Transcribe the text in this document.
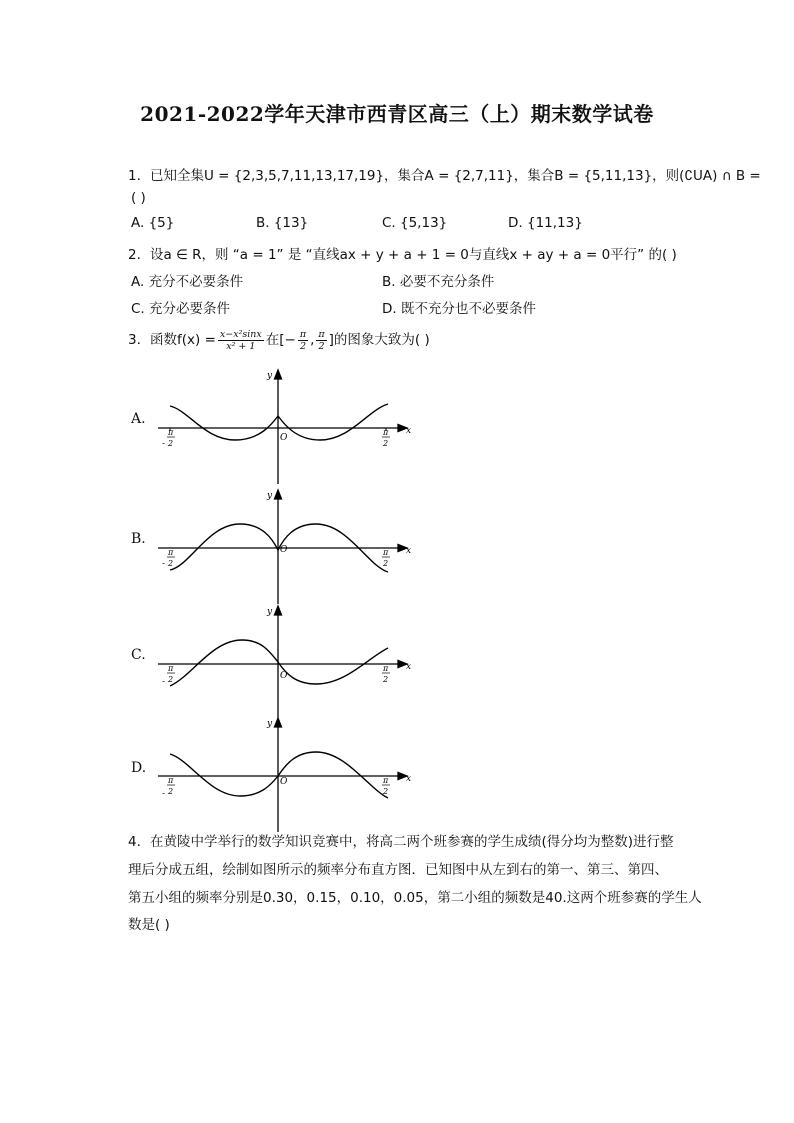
2021-2022学年天津市西青区高三（上）期末数学试卷
1. 已知全集U = {2,3,5,7,11,13,17,19}，集合A = {2,7,11}，集合B = {5,11,13}，则(∁UA) ∩ B =
( )
A. {5}	B. {13}	C. {5,13}	D. {11,13}
2. 设a ∈ R，则 “a = 1” 是 “直线ax + y + a + 1 = 0与直线x + ay + a = 0平行” 的( )
A. 充分不必要条件	B. 必要不充分条件
C. 充分必要条件	D. 既不充分也不必要条件
3. 函数$f(x) = \frac{\text{x−x²sinx}}{\text{x² + 1}}$ 在[− $\frac{\pi}{2}$ , $\frac{\pi}{2}$ ]的图象大致为( )
A.
x
y
O
-
π
2
π
2
B.
x
y
O
-
π
2
π
2
C.
x
y
O
-
π
2
π
2
D.
x
y
O
-
π
2
π
2
4. 在黄陵中学举行的数学知识竞赛中，将高二两个班参赛的学生成绩(得分均为整数)进行整
理后分成五组，绘制如图所示的频率分布直方图．已知图中从左到右的第一、第三、第四、
第五小组的频率分别是0.30，0.15，0.10，0.05，第二小组的频数是40.这两个班参赛的学生人
数是( )
